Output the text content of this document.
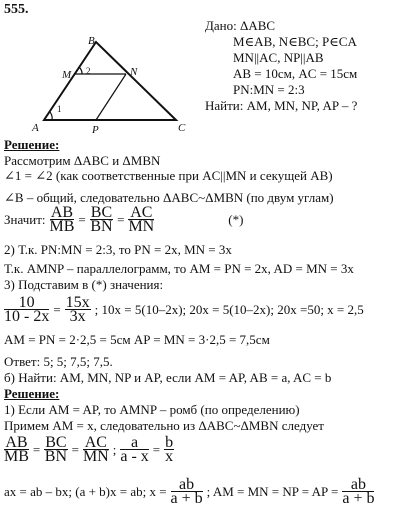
555.
A
B
C
M	N
P
1
2
Дано: ΔABC
M∈AB, N∈BC; P∈CA
MN||AC, NP||AB
AB = 10см, AC = 15см
PN:MN = 2:3
Найти: AM, MN, NP, AP – ?
Решение:
Рассмотрим ΔABC и ΔMBN
∠1 = ∠2 (как соответственные при AC||MN и секущей AB)
∠B – общий, следовательно ΔABC~ΔMBN (по двум углам)
Значит: $\frac{AB}{MB} = \frac{BC}{BN} = \frac{AC}{MN}$	(*)
2) Т.к. PN:MN = 2:3, то PN = 2x, MN = 3x
Т.к. AMNP – параллелограмм, то AM = PN = 2x, AD = MN = 3x
3) Подставим в (*) значения:
$\frac{10}{10 - 2x} = \frac{15x}{3x}$ ; 10x = 5(10–2x); 20x = 5(10–2x); 20x =50; x = 2,5
AM = PN = 2·2,5 = 5см AP = MN = 3·2,5 = 7,5см
Ответ: 5; 5; 7,5; 7,5.
б) Найти: AM, MN, NP и AP, если AM = AP, AB = a, AC = b
Решение:
1) Если AM = AP, то AMNP – ромб (по определению)
Примем AM = x, следовательно из ΔABC~ΔMBN следует
$\frac{AB}{MB} = \frac{BC}{BN} = \frac{AC}{MN}$ ; $\frac{a}{a - x} = \frac{b}{x}$
ax = ab – bx; (a + b)x = ab; $x = \frac{ab}{a + b}$ ; AM = MN = NP = AP = $\frac{ab}{a + b}$
